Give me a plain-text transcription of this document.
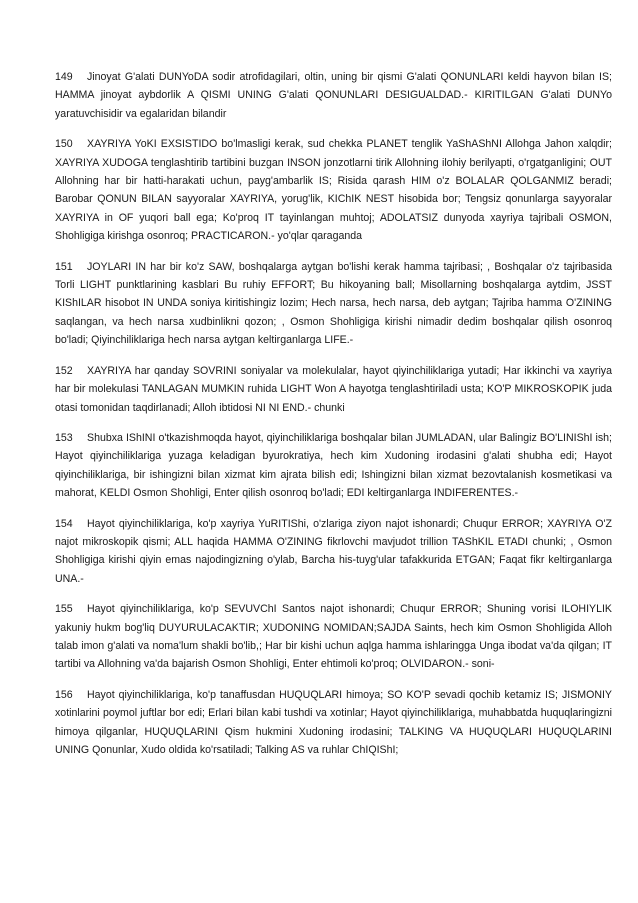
149 Jinoyat G'alati DUNYoDA sodir atrofidagilari, oltin, uning bir qismi G'alati QONUNLARI keldi hayvon bilan IS; HAMMA jinoyat aybdorlik A QISMI UNING G'alati QONUNLARI DESIGUALDAD.- KIRITILGAN G'alati DUNYo yaratuvchisidir va egalaridan bilandir

150 XAYRIYA YoKI EXSISTIDO bo'lmasligi kerak, sud chekka PLANET tenglik YaShAShNI Allohga Jahon xalqdir; XAYRIYA XUDOGA tenglashtirib tartibini buzgan INSON jonzotlarni tirik Allohning ilohiy berilyapti, o'rgatganligini; OUT Allohning har bir hatti-harakati uchun, payg'ambarlik IS; Risida qarash HIM o'z BOLALAR QOLGANMIZ beradi; Barobar QONUN BILAN sayyoralar XAYRIYA, yorug'lik, KIChIK NEST hisobida bor; Tengsiz qonunlarga sayyoralar XAYRIYA in OF yuqori ball ega; Ko'proq IT tayinlangan muhtoj; ADOLATSIZ dunyoda xayriya tajribali OSMON, Shohligiga kirishga osonroq; PRACTICARON.- yo'qlar qaraganda

151 JOYLARI IN har bir ko'z SAW, boshqalarga aytgan bo'lishi kerak hamma tajribasi; , Boshqalar o'z tajribasida Torli LIGHT punktlarining kasblari Bu ruhiy EFFORT; Bu hikoyaning ball; Misollarning boshqalarga aytdim, JSST KIShILAR hisobot IN UNDA soniya kiritishingiz lozim; Hech narsa, hech narsa, deb aytgan; Tajriba hamma O'ZINING saqlangan, va hech narsa xudbinlikni qozon; , Osmon Shohligiga kirishi nimadir dedim boshqalar qilish osonroq bo'ladi; Qiyinchiliklariga hech narsa aytgan keltirganlarga LIFE.-

152 XAYRIYA har qanday SOVRINI soniyalar va molekulalar, hayot qiyinchiliklariga yutadi; Har ikkinchi va xayriya har bir molekulasi TANLAGAN MUMKIN ruhida LIGHT Won A hayotga tenglashtiriladi usta; KO'P MIKROSKOPIK juda otasi tomonidan taqdirlanadi; Alloh ibtidosi NI NI END.- chunki

153 Shubxa IShINI o'tkazishmoqda hayot, qiyinchiliklariga boshqalar bilan JUMLADAN, ular Balingiz BO'LINIShI ish; Hayot qiyinchiliklariga yuzaga keladigan byurokratiya, hech kim Xudoning irodasini g'alati shubha edi; Hayot qiyinchiliklariga, bir ishingizni bilan xizmat kim ajrata bilish edi; Ishingizni bilan xizmat bezovtalanish kosmetikasi va mahorat, KELDI Osmon Shohligi, Enter qilish osonroq bo'ladi; EDI keltirganlarga INDIFERENTES.-

154 Hayot qiyinchiliklariga, ko'p xayriya YuRITIShi, o'zlariga ziyon najot ishonardi; Chuqur ERROR; XAYRIYA O'Z najot mikroskopik qismi; ALL haqida HAMMA O'ZINING fikrlovchi mavjudot trillion TAShKIL ETADI chunki; , Osmon Shohligiga kirishi qiyin emas najodingizning o'ylab, Barcha his-tuyg'ular tafakkurida ETGAN; Faqat fikr keltirganlarga UNA.-

155 Hayot qiyinchiliklariga, ko'p SEVUVChI Santos najot ishonardi; Chuqur ERROR; Shuning vorisi ILOHIYLIK yakuniy hukm bog'liq DUYURULACAKTIR; XUDONING NOMIDAN;SAJDA Saints, hech kim Osmon Shohligida Alloh talab imon g'alati va noma'lum shakli bo'lib,; Har bir kishi uchun aqlga hamma ishlaringga Unga ibodat va'da qilgan; IT tartibi va Allohning va'da bajarish Osmon Shohligi, Enter ehtimoli ko'proq; OLVIDARON.- soni-

156 Hayot qiyinchiliklariga, ko'p tanaffusdan HUQUQLARI himoya; SO KO'P sevadi qochib ketamiz IS; JISMONIY xotinlarini poymol juftlar bor edi; Erlari bilan kabi tushdi va xotinlar; Hayot qiyinchiliklariga, muhabbatda huquqlaringizni himoya qilganlar, HUQUQLARINI Qism hukmini Xudoning irodasini; TALKING VA HUQUQLARI HUQUQLARINI UNING Qonunlar, Xudo oldida ko'rsatiladi; Talking AS va ruhlar ChIQIShI;
